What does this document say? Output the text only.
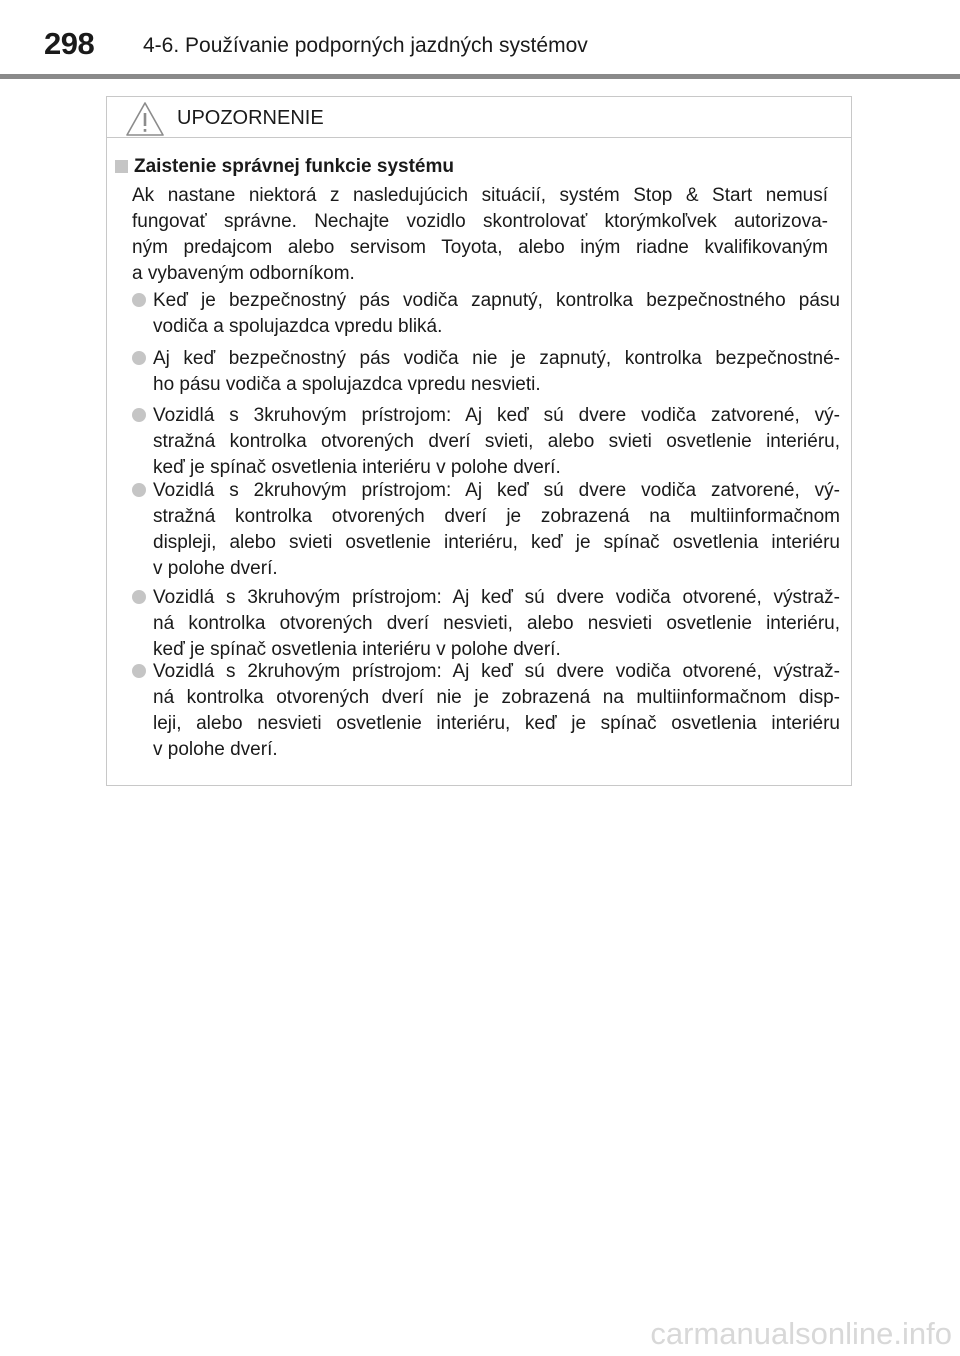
298 4-6. Používanie podporných jazdných systémov
UPOZORNENIE
Zaistenie správnej funkcie systému
Ak nastane niektorá z nasledujúcich situácií, systém Stop & Start nemusí
fungovať správne. Nechajte vozidlo skontrolovať ktorýmkoľvek autorizova-
ným predajcom alebo servisom Toyota, alebo iným riadne kvalifikovaným
a vybaveným odborníkom.
Keď je bezpečnostný pás vodiča zapnutý, kontrolka bezpečnostného pásu
vodiča a spolujazdca vpredu bliká.
Aj keď bezpečnostný pás vodiča nie je zapnutý, kontrolka bezpečnostné-
ho pásu vodiča a spolujazdca vpredu nesvieti.
Vozidlá s 3kruhovým prístrojom: Aj keď sú dvere vodiča zatvorené, vý-
stražná kontrolka otvorených dverí svieti, alebo svieti osvetlenie interiéru,
keď je spínač osvetlenia interiéru v polohe dverí.
Vozidlá s 2kruhovým prístrojom: Aj keď sú dvere vodiča zatvorené, vý-
stražná kontrolka otvorených dverí je zobrazená na multiinformačnom
displeji, alebo svieti osvetlenie interiéru, keď je spínač osvetlenia interiéru
v polohe dverí.
Vozidlá s 3kruhovým prístrojom: Aj keď sú dvere vodiča otvorené, výstraž-
ná kontrolka otvorených dverí nesvieti, alebo nesvieti osvetlenie interiéru,
keď je spínač osvetlenia interiéru v polohe dverí.
Vozidlá s 2kruhovým prístrojom: Aj keď sú dvere vodiča otvorené, výstraž-
ná kontrolka otvorených dverí nie je zobrazená na multiinformačnom disp-
leji, alebo nesvieti osvetlenie interiéru, keď je spínač osvetlenia interiéru
v polohe dverí.
carmanualsonline.info
